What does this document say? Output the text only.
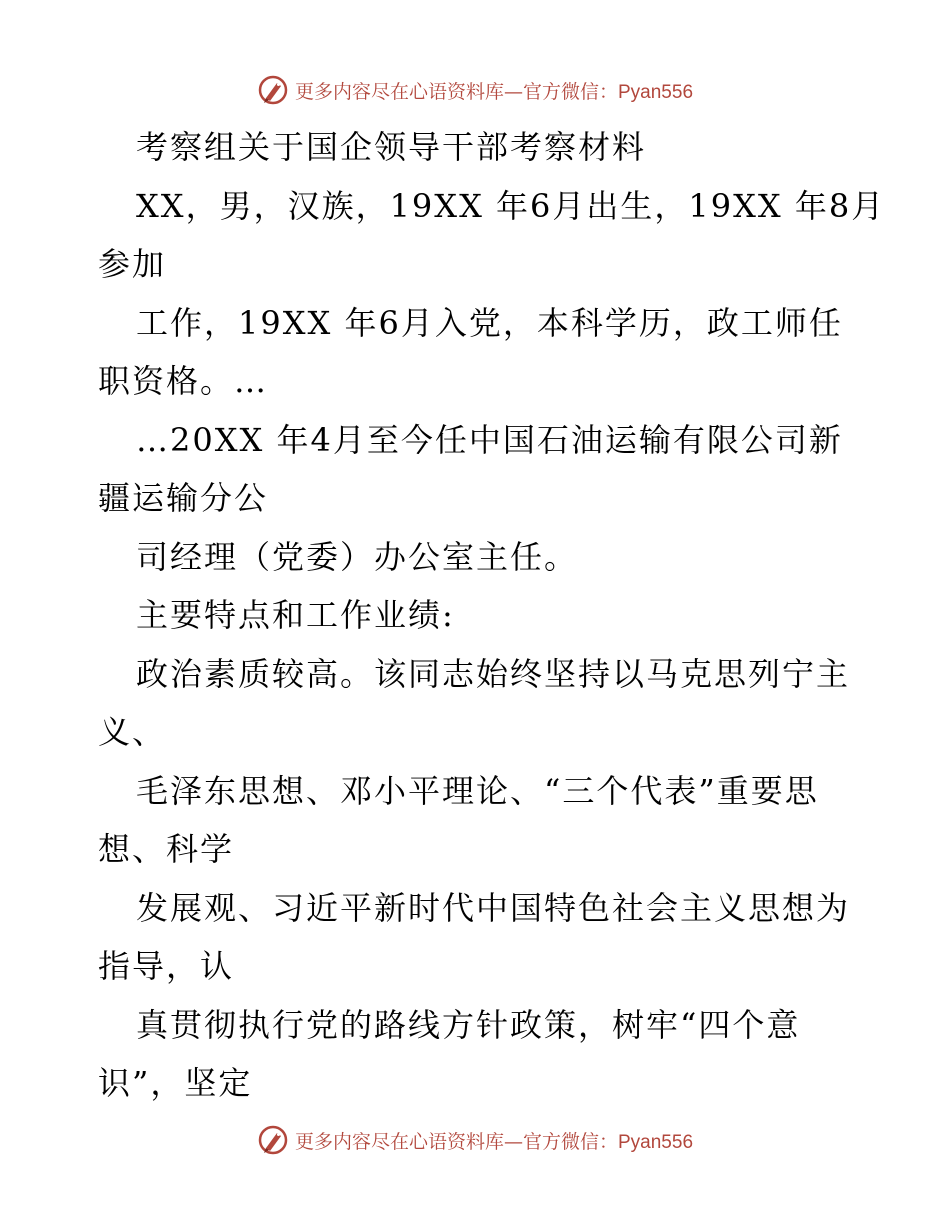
更多内容尽在心语资料库—官方微信：Pyan556
考察组关于国企领导干部考察材料
XX，男，汉族，19XX 年6月出生，19XX 年8月
参加
工作，19XX 年6月入党，本科学历，政工师任
职资格。…
…20XX 年4月至今任中国石油运输有限公司新
疆运输分公
司经理（党委）办公室主任。
主要特点和工作业绩:
政治素质较高。该同志始终坚持以马克思列宁主
义、
毛泽东思想、邓小平理论、“三个代表”重要思
想、科学
发展观、习近平新时代中国特色社会主义思想为
指导，认
真贯彻执行党的路线方针政策，树牢“四个意
识”，坚定
更多内容尽在心语资料库—官方微信：Pyan556
